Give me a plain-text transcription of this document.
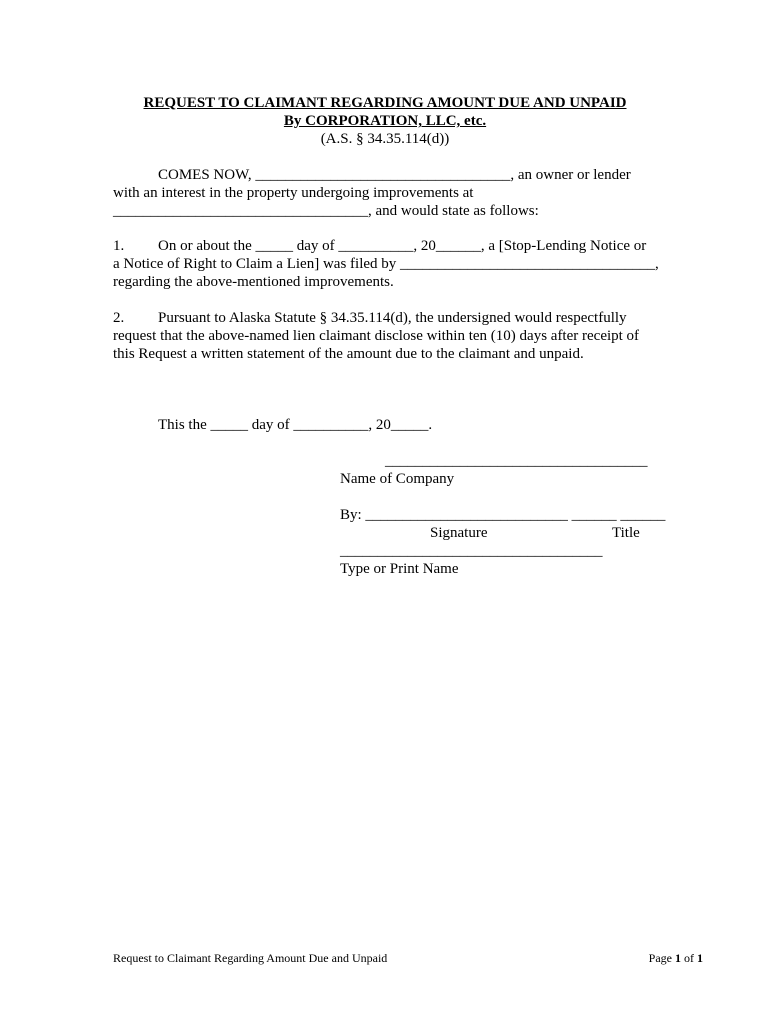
REQUEST TO CLAIMANT REGARDING AMOUNT DUE AND UNPAID
By CORPORATION, LLC, etc.
(A.S. § 34.35.114(d))
COMES NOW, __________________________________, an owner or lender
with an interest in the property undergoing improvements at
__________________________________, and would state as follows:
1. On or about the _____ day of __________, 20______, a [Stop-Lending Notice or
a Notice of Right to Claim a Lien] was filed by __________________________________,
regarding the above-mentioned improvements.
2. Pursuant to Alaska Statute § 34.35.114(d), the undersigned would respectfully
request that the above-named lien claimant disclose within ten (10) days after receipt of
this Request a written statement of the amount due to the claimant and unpaid.
This the _____ day of __________, 20_____.
___________________________________
Name of Company
By: ___________________________ ______ ______
Signature	Title
___________________________________
Type or Print Name
Request to Claimant Regarding Amount Due and Unpaid	Page 1 of 1
